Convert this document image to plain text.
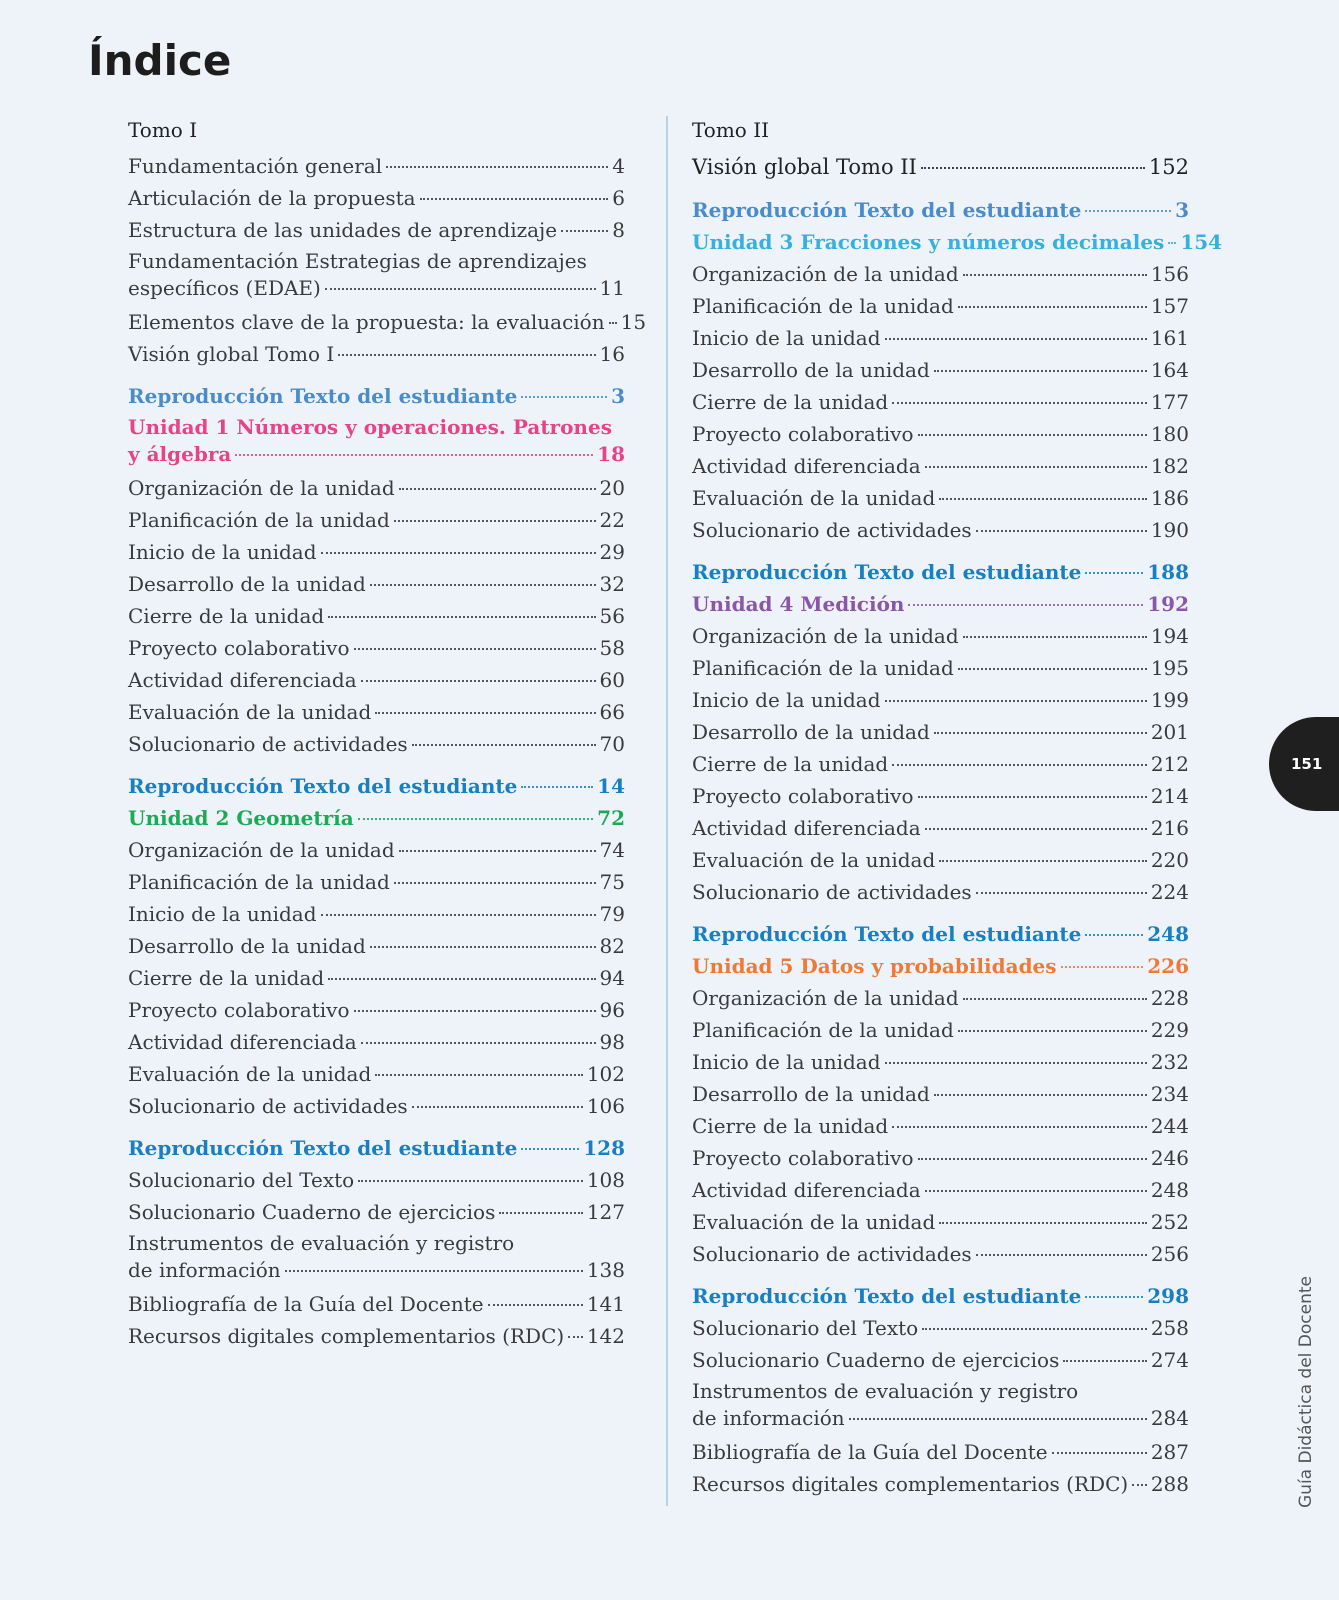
Índice
Tomo I
Fundamentación general	4
Articulación de la propuesta	6
Estructura de las unidades de aprendizaje	8
Fundamentación Estrategias de aprendizajes
específicos (EDAE)	11
Elementos clave de la propuesta: la evaluación 15
Visión global Tomo I	16
Reproducción Texto del estudiante	3
Unidad 1 Números y operaciones. Patrones
y álgebra	18
Organización de la unidad	20
Planificación de la unidad	22
Inicio de la unidad	29
Desarrollo de la unidad	32
Cierre de la unidad	56
Proyecto colaborativo	58
Actividad diferenciada	60
Evaluación de la unidad	66
Solucionario de actividades	70
Reproducción Texto del estudiante	14
Unidad 2 Geometría	72
Organización de la unidad	74
Planificación de la unidad	75
Inicio de la unidad	79
Desarrollo de la unidad	82
Cierre de la unidad	94
Proyecto colaborativo	96
Actividad diferenciada	98
Evaluación de la unidad	102
Solucionario de actividades	106
Reproducción Texto del estudiante	128
Solucionario del Texto	108
Solucionario Cuaderno de ejercicios	127
Instrumentos de evaluación y registro
de información	138
Bibliografía de la Guía del Docente	141
Recursos digitales complementarios (RDC) 142
Tomo II
Visión global Tomo II	152
Reproducción Texto del estudiante	3
Unidad 3 Fracciones y números decimales 154
Organización de la unidad	156
Planificación de la unidad	157
Inicio de la unidad	161
Desarrollo de la unidad	164
Cierre de la unidad	177
Proyecto colaborativo	180
Actividad diferenciada	182
Evaluación de la unidad	186
Solucionario de actividades	190
Reproducción Texto del estudiante	188
Unidad 4 Medición	192
Organización de la unidad	194
Planificación de la unidad	195
Inicio de la unidad	199
Desarrollo de la unidad	201
Cierre de la unidad	212
Proyecto colaborativo	214
Actividad diferenciada	216
Evaluación de la unidad	220
Solucionario de actividades	224
Reproducción Texto del estudiante	248
Unidad 5 Datos y probabilidades	226
Organización de la unidad	228
Planificación de la unidad	229
Inicio de la unidad	232
Desarrollo de la unidad	234
Cierre de la unidad	244
Proyecto colaborativo	246
Actividad diferenciada	248
Evaluación de la unidad	252
Solucionario de actividades	256
Reproducción Texto del estudiante	298
Solucionario del Texto	258
Solucionario Cuaderno de ejercicios	274
Instrumentos de evaluación y registro
de información	284
Bibliografía de la Guía del Docente	287
Recursos digitales complementarios (RDC) 288
151
Guía Didáctica del Docente
